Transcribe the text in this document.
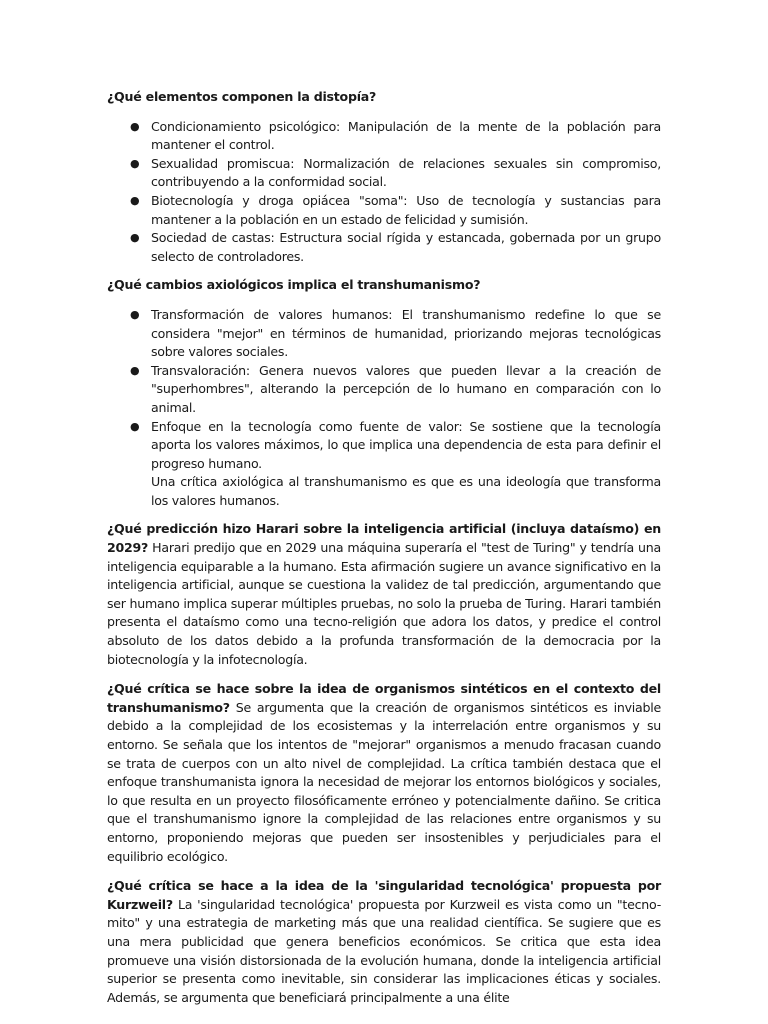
¿Qué elementos componen la distopía?

● Condicionamiento psicológico: Manipulación de la mente de la población para mantener el control.
● Sexualidad promiscua: Normalización de relaciones sexuales sin compromiso, contribuyendo a la conformidad social.
● Biotecnología y droga opiácea "soma": Uso de tecnología y sustancias para mantener a la población en un estado de felicidad y sumisión.
● Sociedad de castas: Estructura social rígida y estancada, gobernada por un grupo selecto de controladores.

¿Qué cambios axiológicos implica el transhumanismo?

● Transformación de valores humanos: El transhumanismo redefine lo que se considera "mejor" en términos de humanidad, priorizando mejoras tecnológicas sobre valores sociales.
● Transvaloración: Genera nuevos valores que pueden llevar a la creación de "superhombres", alterando la percepción de lo humano en comparación con lo animal.
● Enfoque en la tecnología como fuente de valor: Se sostiene que la tecnología aporta los valores máximos, lo que implica una dependencia de esta para definir el progreso humano.
Una crítica axiológica al transhumanismo es que es una ideología que transforma los valores humanos.

¿Qué predicción hizo Harari sobre la inteligencia artificial (incluya dataísmo) en 2029? Harari predijo que en 2029 una máquina superaría el "test de Turing" y tendría una inteligencia equiparable a la humano. Esta afirmación sugiere un avance significativo en la inteligencia artificial, aunque se cuestiona la validez de tal predicción, argumentando que ser humano implica superar múltiples pruebas, no solo la prueba de Turing. Harari también presenta el dataísmo como una tecno-religión que adora los datos, y predice el control absoluto de los datos debido a la profunda transformación de la democracia por la biotecnología y la infotecnología.

¿Qué crítica se hace sobre la idea de organismos sintéticos en el contexto del transhumanismo? Se argumenta que la creación de organismos sintéticos es inviable debido a la complejidad de los ecosistemas y la interrelación entre organismos y su entorno. Se señala que los intentos de "mejorar" organismos a menudo fracasan cuando se trata de cuerpos con un alto nivel de complejidad. La crítica también destaca que el enfoque transhumanista ignora la necesidad de mejorar los entornos biológicos y sociales, lo que resulta en un proyecto filosóficamente erróneo y potencialmente dañino. Se critica que el transhumanismo ignore la complejidad de las relaciones entre organismos y su entorno, proponiendo mejoras que pueden ser insostenibles y perjudiciales para el equilibrio ecológico.

¿Qué crítica se hace a la idea de la 'singularidad tecnológica' propuesta por Kurzweil? La 'singularidad tecnológica' propuesta por Kurzweil es vista como un "tecno-mito" y una estrategia de marketing más que una realidad científica. Se sugiere que es una mera publicidad que genera beneficios económicos. Se critica que esta idea promueve una visión distorsionada de la evolución humana, donde la inteligencia artificial superior se presenta como inevitable, sin considerar las implicaciones éticas y sociales. Además, se argumenta que beneficiará principalmente a una élite
